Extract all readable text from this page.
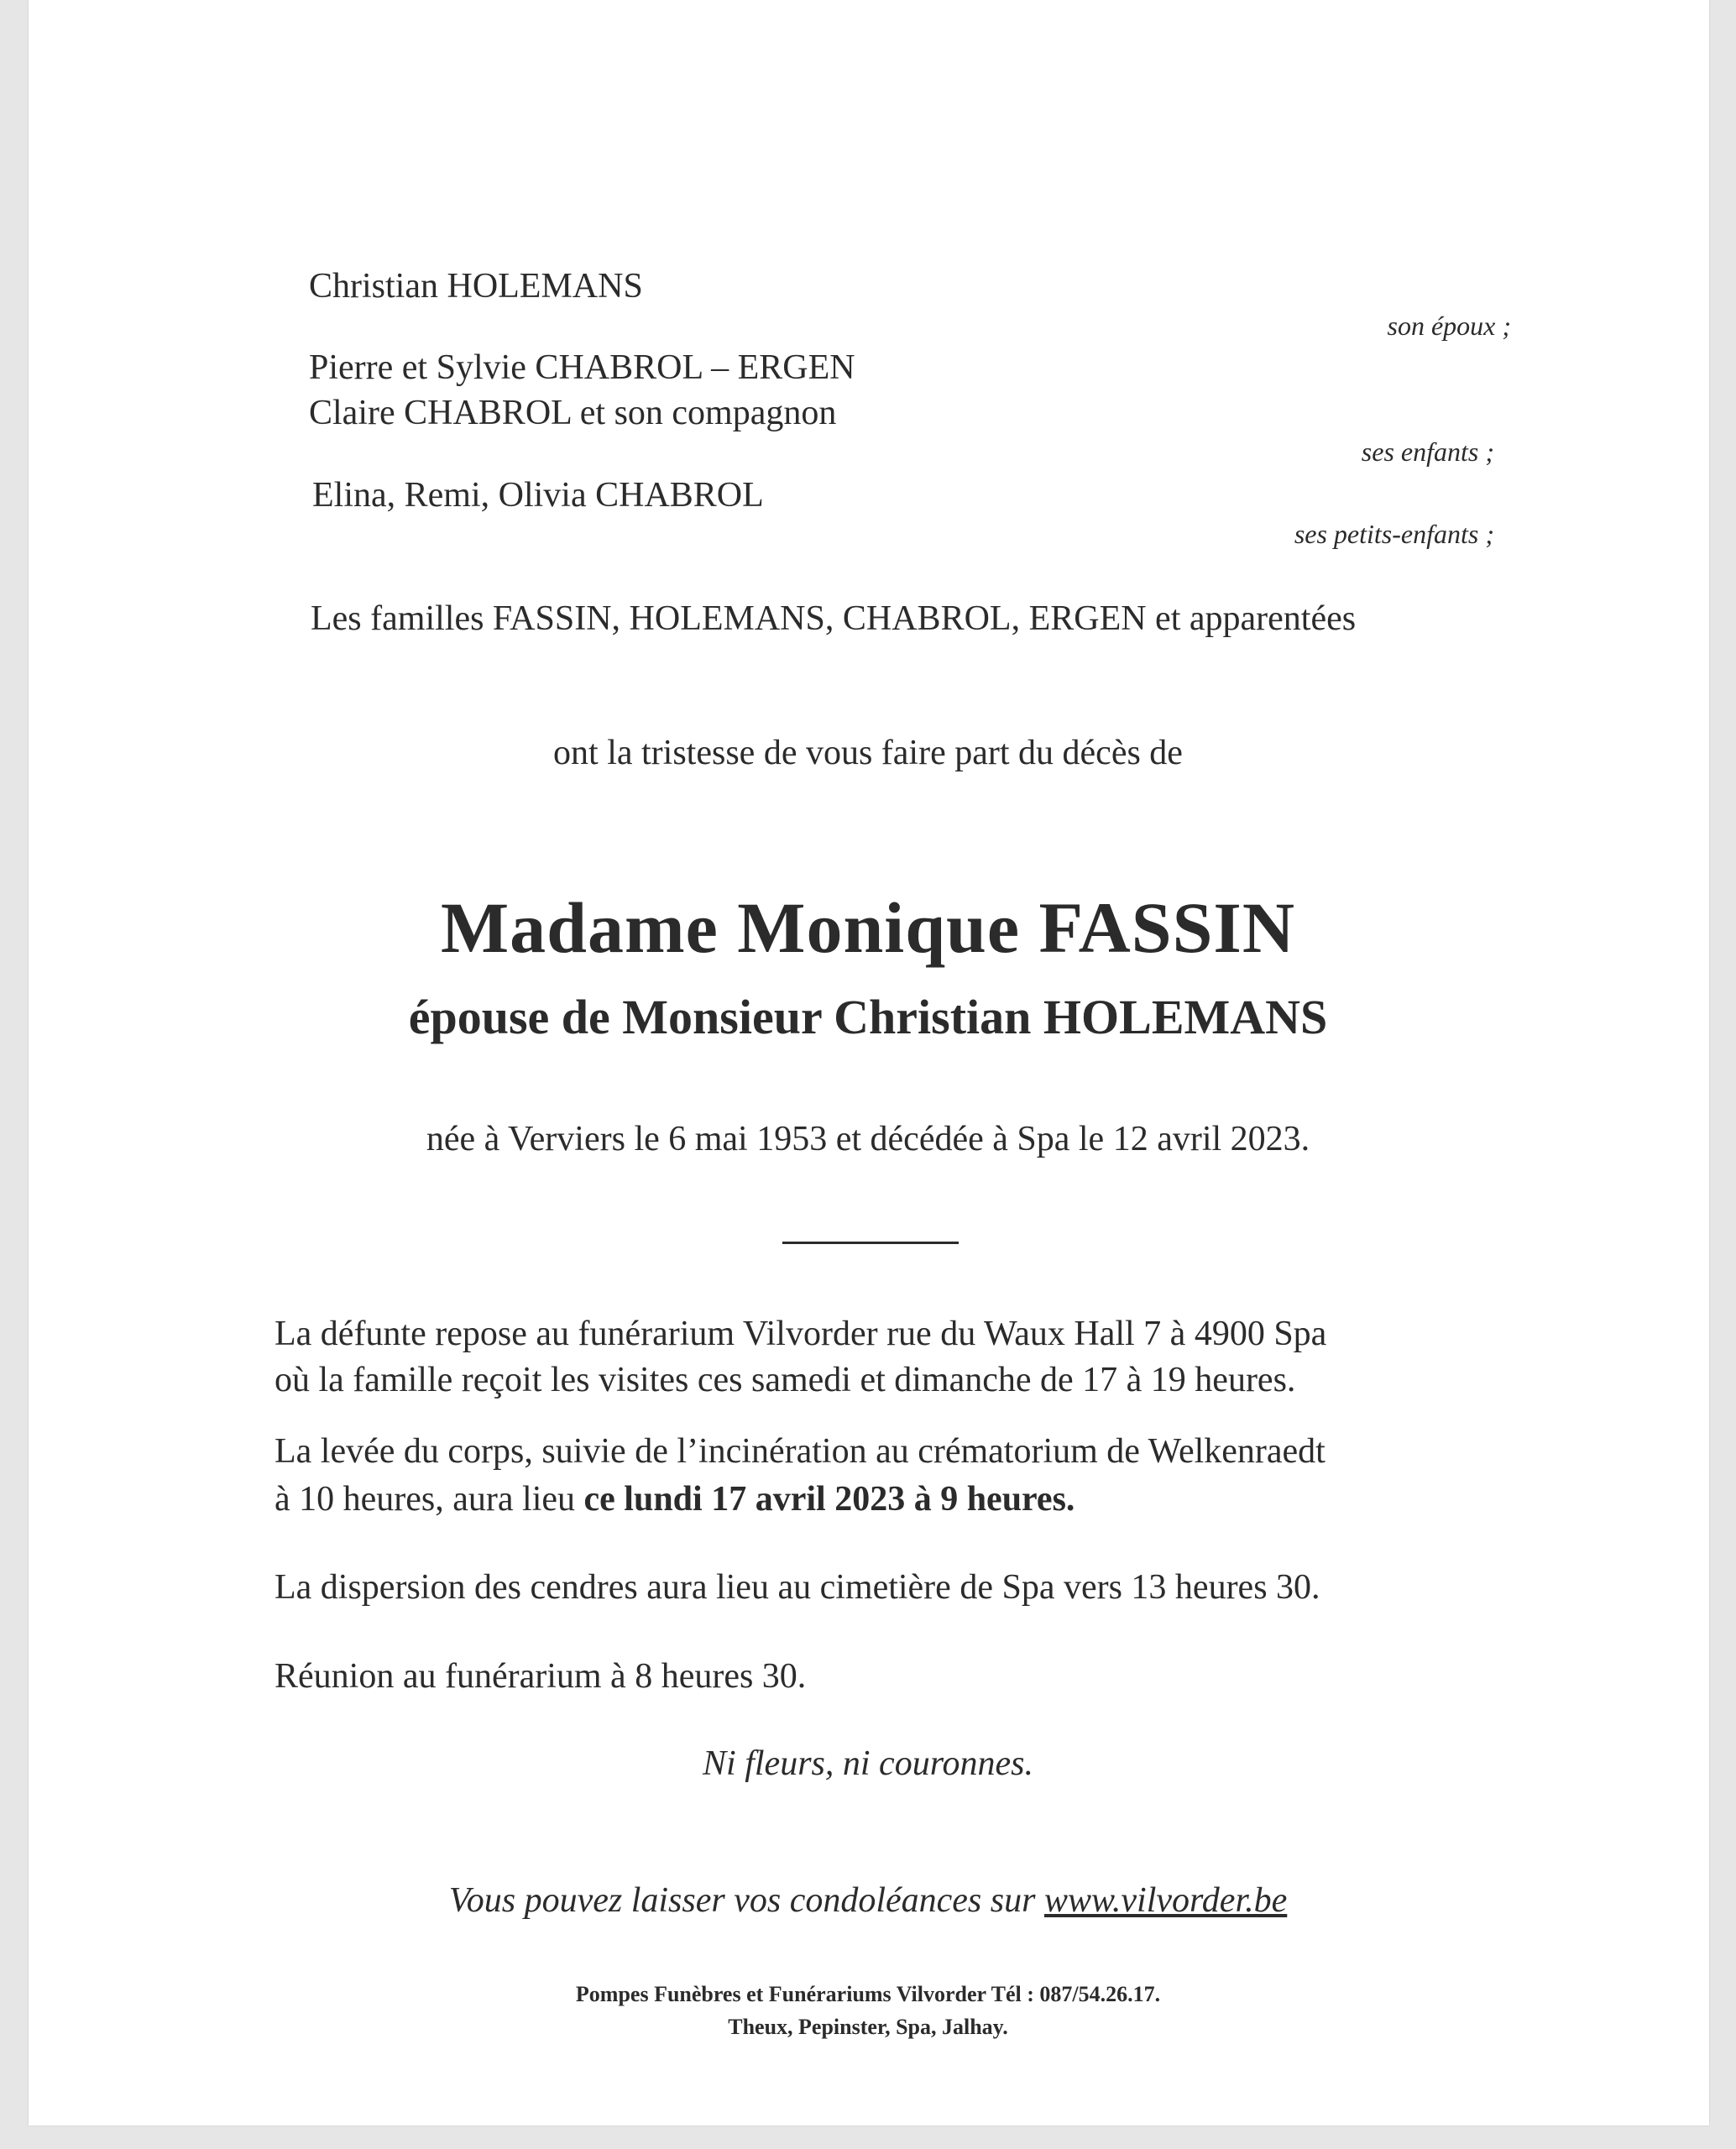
Christian HOLEMANS
son époux ;
Pierre et Sylvie CHABROL – ERGEN
Claire CHABROL et son compagnon
ses enfants ;
Elina, Remi, Olivia CHABROL
ses petits-enfants ;
Les familles FASSIN, HOLEMANS, CHABROL, ERGEN et apparentées
ont la tristesse de vous faire part du décès de
Madame Monique FASSIN
épouse de Monsieur Christian HOLEMANS
née à Verviers le 6 mai 1953 et décédée à Spa le 12 avril 2023.
La défunte repose au funérarium Vilvorder rue du Waux Hall 7 à 4900 Spa
où la famille reçoit les visites ces samedi et dimanche de 17 à 19 heures.
La levée du corps, suivie de l’incinération au crématorium de Welkenraedt
à 10 heures, aura lieu ce lundi 17 avril 2023 à 9 heures.
La dispersion des cendres aura lieu au cimetière de Spa vers 13 heures 30.
Réunion au funérarium à 8 heures 30.
Ni fleurs, ni couronnes.
Vous pouvez laisser vos condoléances sur www.vilvorder.be
Pompes Funèbres et Funérariums Vilvorder Tél : 087/54.26.17.
Theux, Pepinster, Spa, Jalhay.
